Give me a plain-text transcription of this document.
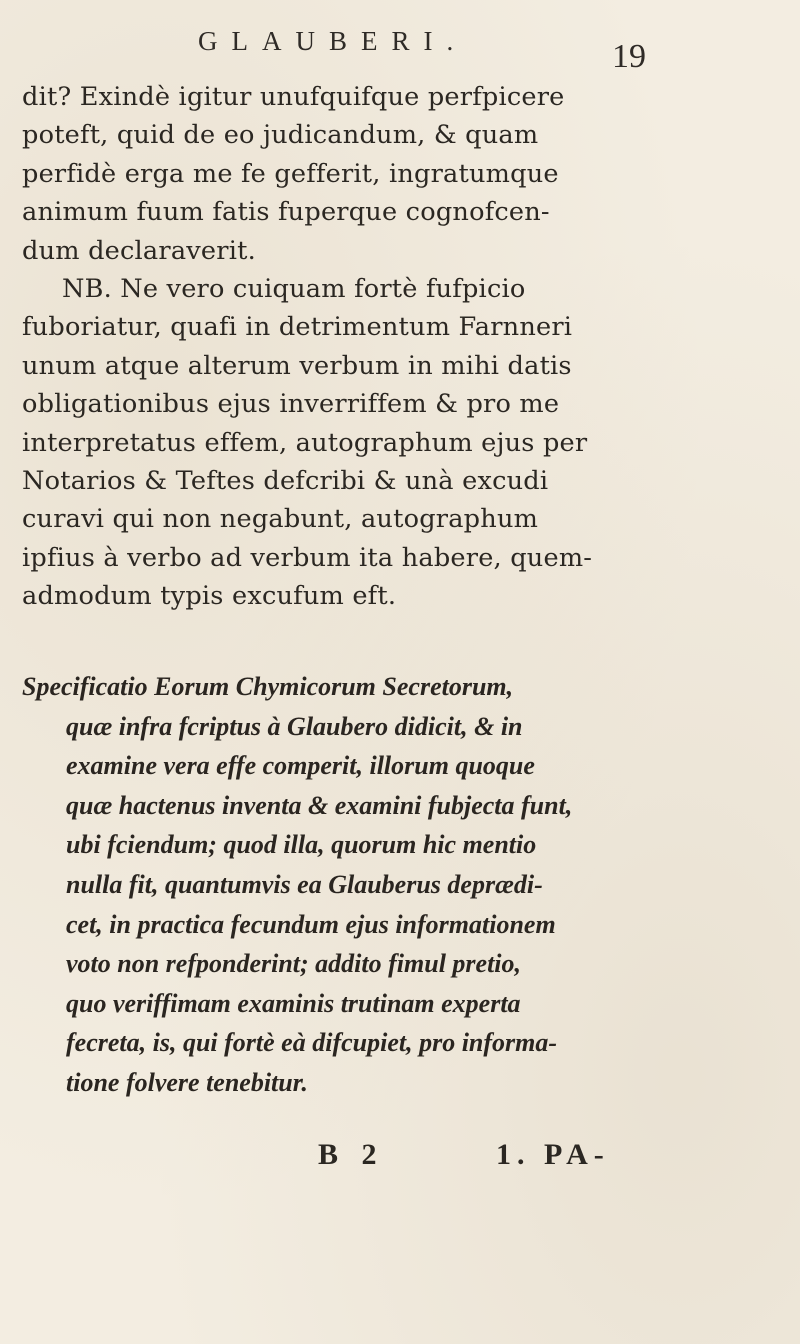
GLAUBERI.	19
dit? Exindè igitur unufquifque perfpicere
poteft, quid de eo judicandum, & quam
perfidè erga me fe gefferit, ingratumque
animum fuum fatis fuperque cognofcen-
dum declaraverit.
NB. Ne vero cuiquam fortè fufpicio
fuboriatur, quafi in detrimentum Farnneri
unum atque alterum verbum in mihi datis
obligationibus ejus inverriffem & pro me
interpretatus effem, autographum ejus per
Notarios & Teftes defcribi & unà excudi
curavi qui non negabunt, autographum
ipfius à verbo ad verbum ita habere, quem-
admodum typis excufum eft.
Specificatio Eorum Chymicorum Secretorum,
quæ infra fcriptus à Glaubero didicit, & in
examine vera effe comperit, illorum quoque
quæ hactenus inventa & examini fubjecta funt,
ubi fciendum; quod illa, quorum hic mentio
nulla fit, quantumvis ea Glauberus deprædi-
cet, in practica fecundum ejus informationem
voto non refponderint; addito fimul pretio,
quo veriffimam examinis trutinam experta
fecreta, is, qui fortè eà difcupiet, pro informa-
tione folvere tenebitur.
B 2	1. PA-
